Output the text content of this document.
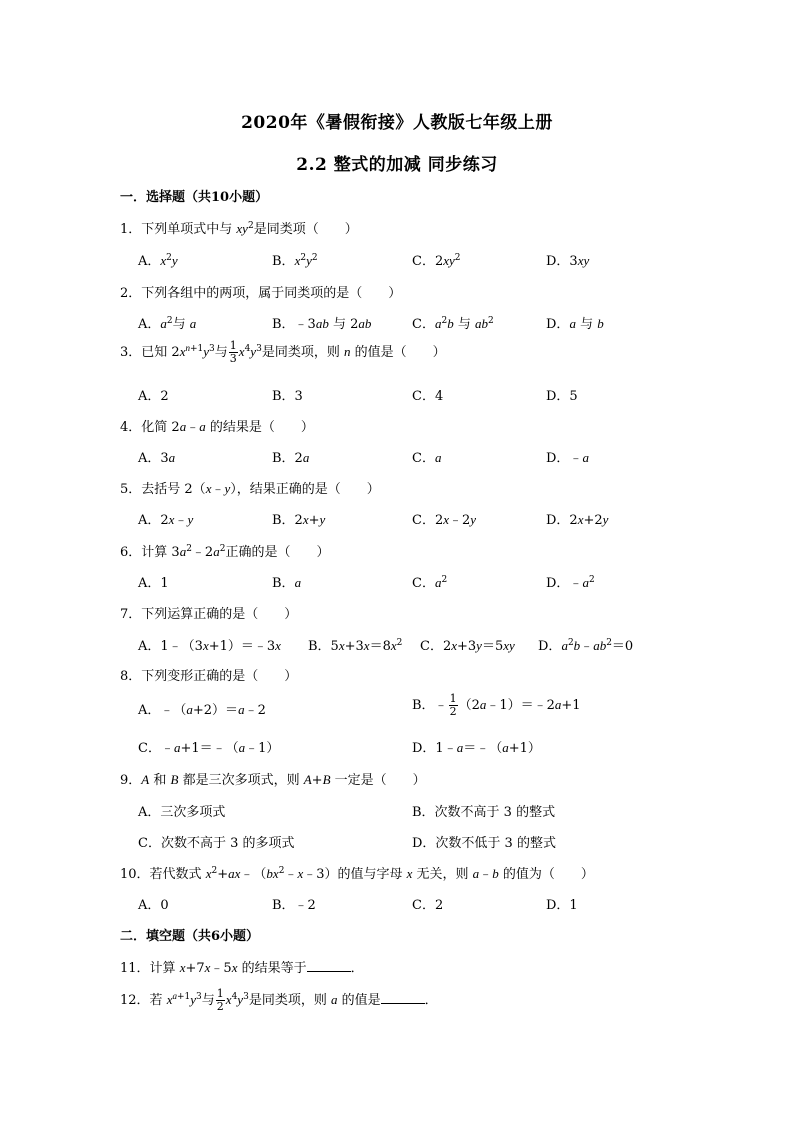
2020年《暑假衔接》人教版七年级上册
2.2 整式的加减 同步练习
一．选择题（共10小题）
1．下列单项式中与 $xy^2$是同类项（　　）
A．$x^2y$	B．$x^2y^2$	C．$2xy^2$	D．3xy
2．下列各组中的两项，属于同类项的是（　　）
A．$a^2$与 a	B．﹣3ab 与 2ab	C．$a^2b$ 与 $ab^2$	D．a 与 b
3．已知 $2x^{n+1}y^3$与 $\frac{1}{3} x^4y^3$是同类项，则 n 的值是（　　）
A．2	B．3	C．4	D．5
4．化简 2a﹣a 的结果是（　　）
A．3a	B．2a	C．a	D．﹣a
5．去括号 2（x﹣y），结果正确的是（　　）
A．2x﹣y	B．2x+y	C．2x﹣2y	D．2x+2y
6．计算 $3a^2﹣2a^2$正确的是（　　）
A．1	B．a	C．$a^2$	D．$﹣a^2$
7．下列运算正确的是（　　）
A．1﹣（3x+1）＝﹣3x B．$5x+3x=8x^2$ C．2x+3y＝5xy D．$a^2b﹣ab^2=0$
8．下列变形正确的是（　　）
A．﹣（a+2）＝a﹣2	B．﹣ $\frac{1}{2}$ （2a﹣1）＝﹣2a+1
C．﹣a+1＝﹣（a﹣1）	D．1﹣a＝﹣（a+1）
9．A 和 B 都是三次多项式，则 A+B 一定是（　　）
A．三次多项式	B．次数不高于 3 的整式
C．次数不高于 3 的多项式	D．次数不低于 3 的整式
10．若代数式 $x^2+ax﹣(bx^2﹣x﹣3)$的值与字母 x 无关，则 a﹣b 的值为（　　）
A．0	B．﹣2	C．2	D．1
二．填空题（共6小题）
11．计算 x+7x﹣5x 的结果等于	．
12．若 $x^{a+1}y^3$与 $\frac{1}{2} x^4y^3$是同类项，则 a 的值是	．
